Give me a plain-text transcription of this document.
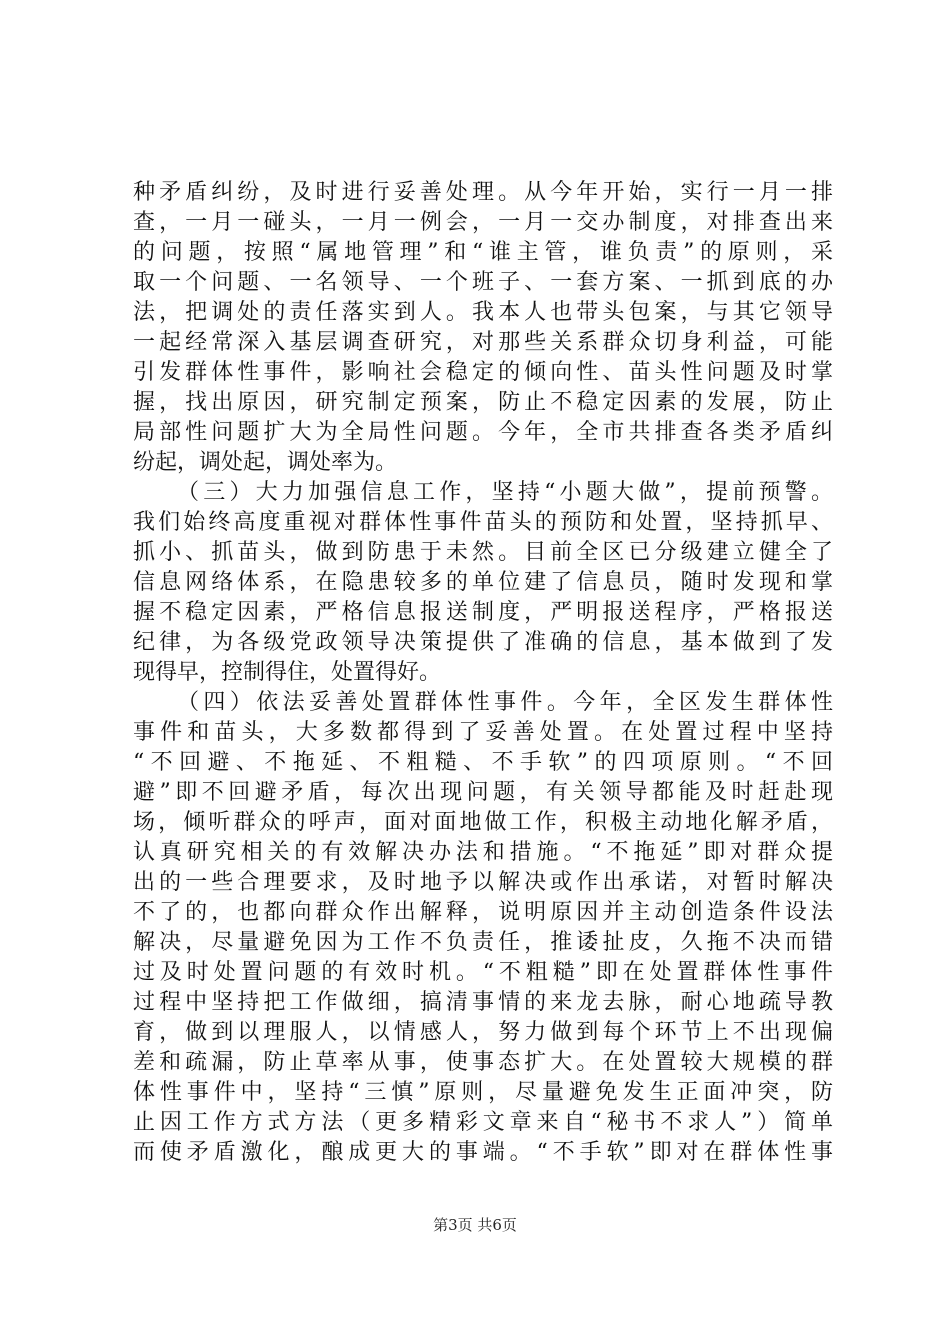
种矛盾纠纷，及时进行妥善处理。从今年开始，实行一月一排
查，一月一碰头，一月一例会，一月一交办制度，对排查出来
的问题，按照“属地管理”和“谁主管，谁负责”的原则，采
取一个问题、一名领导、一个班子、一套方案、一抓到底的办
法，把调处的责任落实到人。我本人也带头包案，与其它领导
一起经常深入基层调查研究，对那些关系群众切身利益，可能
引发群体性事件，影响社会稳定的倾向性、苗头性问题及时掌
握，找出原因，研究制定预案，防止不稳定因素的发展，防止
局部性问题扩大为全局性问题。今年，全市共排查各类矛盾纠
纷起，调处起，调处率为。
（三）大力加强信息工作，坚持“小题大做”，提前预警。
我们始终高度重视对群体性事件苗头的预防和处置，坚持抓早、
抓小、抓苗头，做到防患于未然。目前全区已分级建立健全了
信息网络体系，在隐患较多的单位建了信息员，随时发现和掌
握不稳定因素，严格信息报送制度，严明报送程序，严格报送
纪律，为各级党政领导决策提供了准确的信息，基本做到了发
现得早，控制得住，处置得好。
（四）依法妥善处置群体性事件。今年，全区发生群体性
事件和苗头，大多数都得到了妥善处置。在处置过程中坚持
“不回避、不拖延、不粗糙、不手软”的四项原则。“不回
避”即不回避矛盾，每次出现问题，有关领导都能及时赶赴现
场，倾听群众的呼声，面对面地做工作，积极主动地化解矛盾，
认真研究相关的有效解决办法和措施。“不拖延”即对群众提
出的一些合理要求，及时地予以解决或作出承诺，对暂时解决
不了的，也都向群众作出解释，说明原因并主动创造条件设法
解决，尽量避免因为工作不负责任，推诿扯皮，久拖不决而错
过及时处置问题的有效时机。“不粗糙”即在处置群体性事件
过程中坚持把工作做细，搞清事情的来龙去脉，耐心地疏导教
育，做到以理服人，以情感人，努力做到每个环节上不出现偏
差和疏漏，防止草率从事，使事态扩大。在处置较大规模的群
体性事件中，坚持“三慎”原则，尽量避免发生正面冲突，防
止因工作方式方法（更多精彩文章来自“秘书不求人”）简单
而使矛盾激化，酿成更大的事端。“不手软”即对在群体性事
第3页 共6页
